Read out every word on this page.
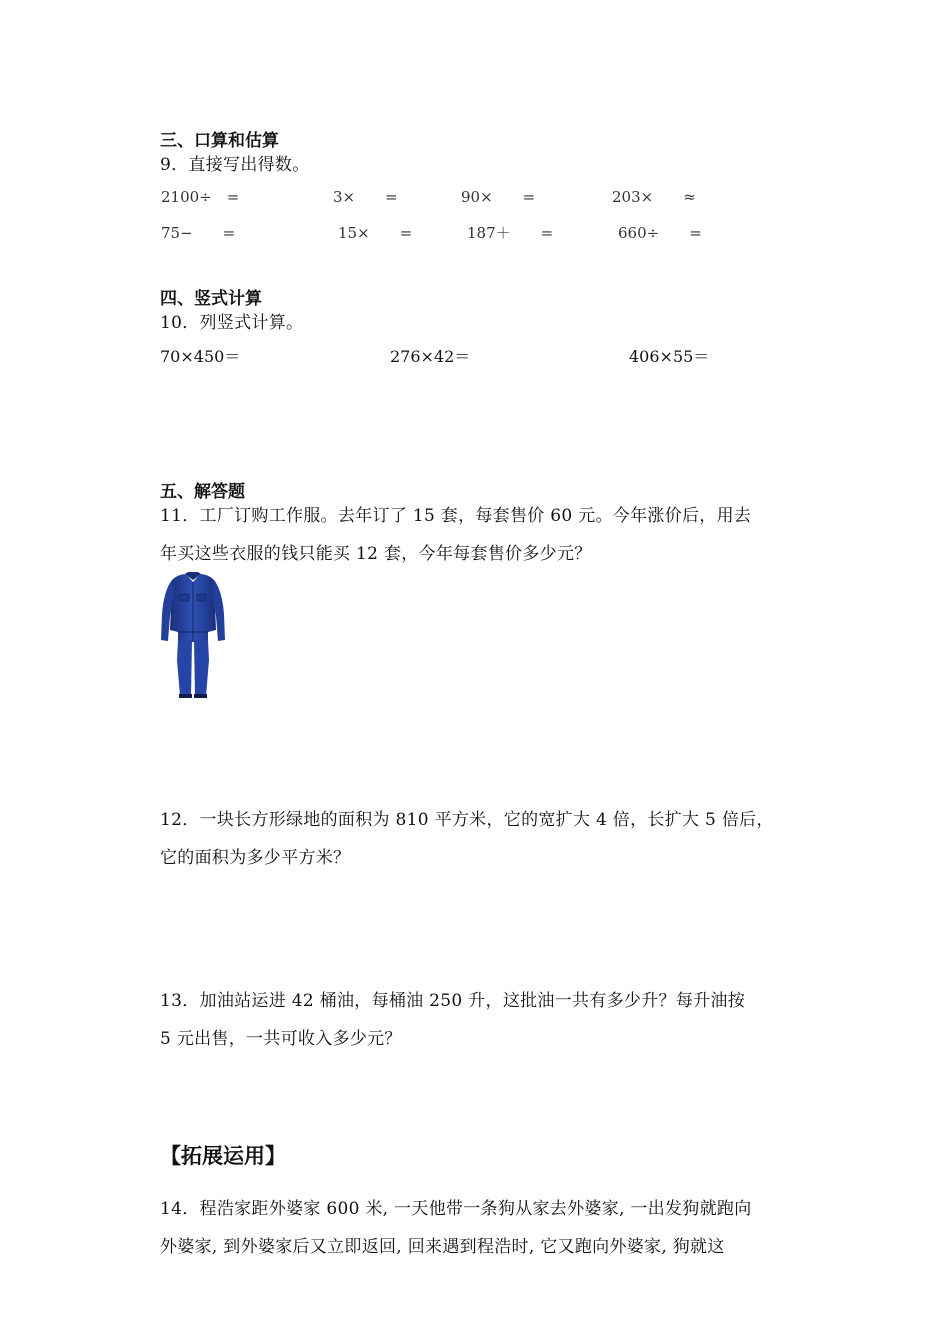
三、口算和估算
9．直接写出得数。
2100÷　=	3×　　=	90×　　=	203×　　≈
75−　　=	15×　　=	187＋　　=	660÷　　=
四、竖式计算
10．列竖式计算。
70×450＝	276×42＝	406×55＝
五、解答题
11．工厂订购工作服。去年订了 15 套，每套售价 60 元。今年涨价后，用去
年买这些衣服的钱只能买 12 套，今年每套售价多少元？
12．一块长方形绿地的面积为 810 平方米，它的宽扩大 4 倍，长扩大 5 倍后，
它的面积为多少平方米？
13．加油站运进 42 桶油，每桶油 250 升，这批油一共有多少升？每升油按
5 元出售，一共可收入多少元？
【拓展运用】
14．程浩家距外婆家 600 米, 一天他带一条狗从家去外婆家, 一出发狗就跑向
外婆家, 到外婆家后又立即返回, 回来遇到程浩时, 它又跑向外婆家, 狗就这
